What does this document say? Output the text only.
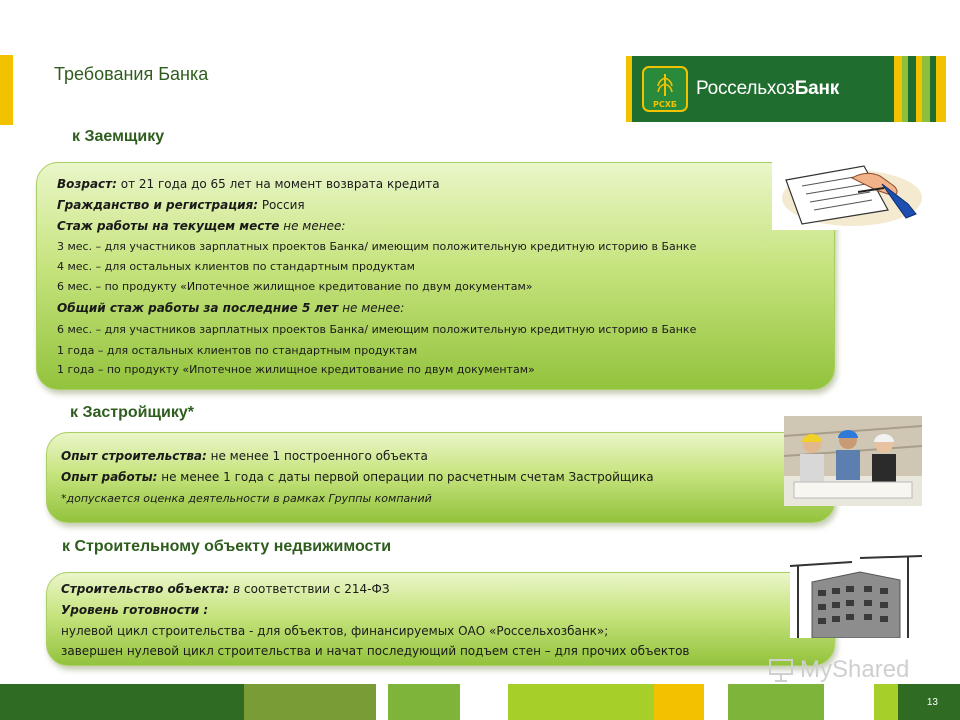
Требования Банка
РСХБ
РоссельхозБанк
к Заемщику
Возраст: от 21 года до 65 лет на момент возврата кредита
Гражданство и регистрация: Россия
Стаж работы на текущем месте не менее:
3 мес. – для участников зарплатных проектов Банка/ имеющим положительную кредитную историю в Банке
4 мес. – для остальных клиентов по стандартным продуктам
6 мес. – по продукту «Ипотечное жилищное кредитование по двум документам»
Общий стаж работы за последние 5 лет не менее:
6 мес. – для участников зарплатных проектов Банка/ имеющим положительную кредитную историю в Банке
1 года – для остальных клиентов по стандартным продуктам
1 года – по продукту «Ипотечное жилищное кредитование по двум документам»
к Застройщику*
Опыт строительства: не менее 1 построенного объекта
Опыт работы: не менее 1 года с даты первой операции по расчетным счетам Застройщика
*допускается оценка деятельности в рамках Группы компаний
к Строительному объекту недвижимости
Строительство объекта: в соответствии с 214-ФЗ
Уровень готовности :
нулевой цикл строительства - для объектов, финансируемых ОАО «Россельхозбанк»;
завершен нулевой цикл строительства и начат последующий подъем стен – для прочих объектов
MyShared
13
